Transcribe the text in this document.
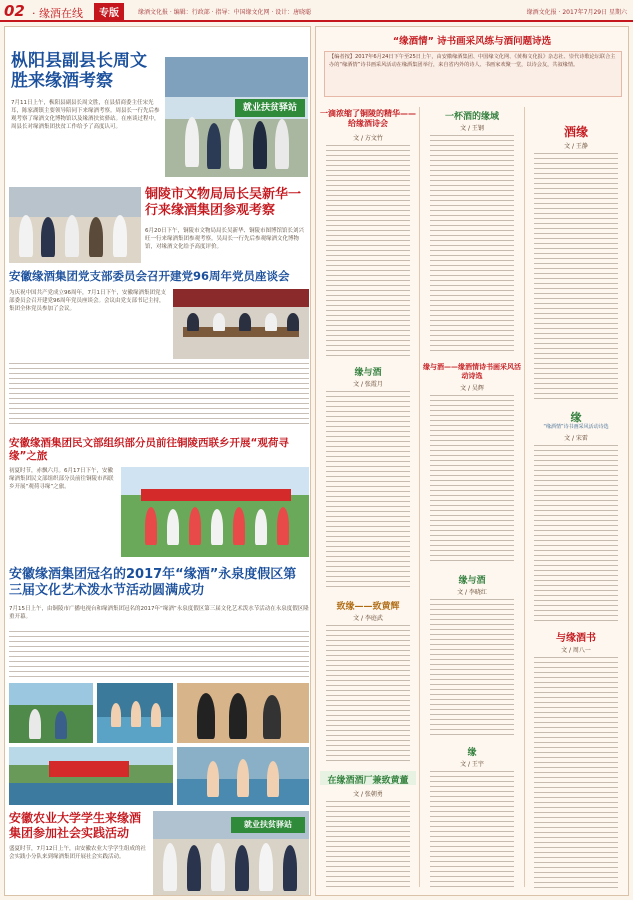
02 · 缘酒在线	专版	缘酒文化报 · 编辑：行政部 · 指导：中国缘文化网 · 设计：唐晓聪	缘酒文化报 · 2017年7月29日 星期六
枞阳县副县长周文胜来缘酒考察
7月11日上午，枞阳县副县长周文胜，在县招商委主任宋光耳，陈家湖镇主要领导陪同下来缘酒考察。周县长一行先后参观考察了缘酒文化博物馆以及缘酒扶贫驿站。在座谈过程中，周县长对缘酒集团扶贫工作给予了高度认可。
就业扶贫驿站
铜陵市文物局局长吴新华一行来缘酒集团参观考察
6月20日下午，铜陵市文物局局长吴新华、铜陵市图博馆馆长刘兴旺一行来缘酒集团参观考察。吴局长一行先后参观缘酒文化博物馆，对缘酒文化给予高度评价。
安徽缘酒集团党支部委员会召开建党96周年党员座谈会
为庆祝中国共产党成立96周年，7月1日下午，安徽缘酒集团党支部委员会召开建党96周年党员座谈会。会议由党支部书记主持，集团全体党员参加了会议。
安徽缘酒集团民文部组织部分员前往铜陵西联乡开展“观荷寻缘”之旅
初夏时节，赤飘六月。6月17日下午，安徽缘酒集团民文部组织部分员前往铜陵市西联乡开展“观荷寻缘”之旅。
安徽缘酒集团冠名的2017年“缘酒”永泉度假区第三届文化艺术泼水节活动圆满成功
7月15日上午，由铜陵市广播电视台和缘酒集团冠名的2017年“缘酒”永泉度假区第三届文化艺术泼水节活动在永泉度假区隆重开幕。
安徽农业大学学生来缘酒集团参加社会实践活动
盛夏时节，7月12日上午，由安徽农业大学学生组成的社会实践小分队来到缘酒集团开展社会实践活动。
就业扶贫驿站
“缘酒情” 诗书画采风练与酒问题诗选
【编者按】2017年6月24日下午至25日上午，由安徽缘酒集团、中国缘文化网、《黄梅文化报》杂志社、崇代诗歌论坛联合主办的“缘酒情”诗书画采风活动在缘酒集团举行，来自省内外的诗人、书画家欢聚一堂，以诗会友，共叙缘情。
一滴浓缩了铜陵的精华——给缘酒诗会
文 / 方文竹
缘与酒
文 / 张霞月
致缘——致黄辉
文 / 李庭武
在缘酒酒厂兼致黄董
文 / 张朝勇
一杯酒的缘域
文 / 王钢
缘与酒——缘酒情诗书画采风活动诗选
文 / 吴辉
缘与酒
文 / 李晓红
缘
文 / 王宇
酒缘
文 / 王静
缘
“缘酒情”诗书画采风活动诗选
文 / 宋雷
与缘酒书
文 / 周八一
